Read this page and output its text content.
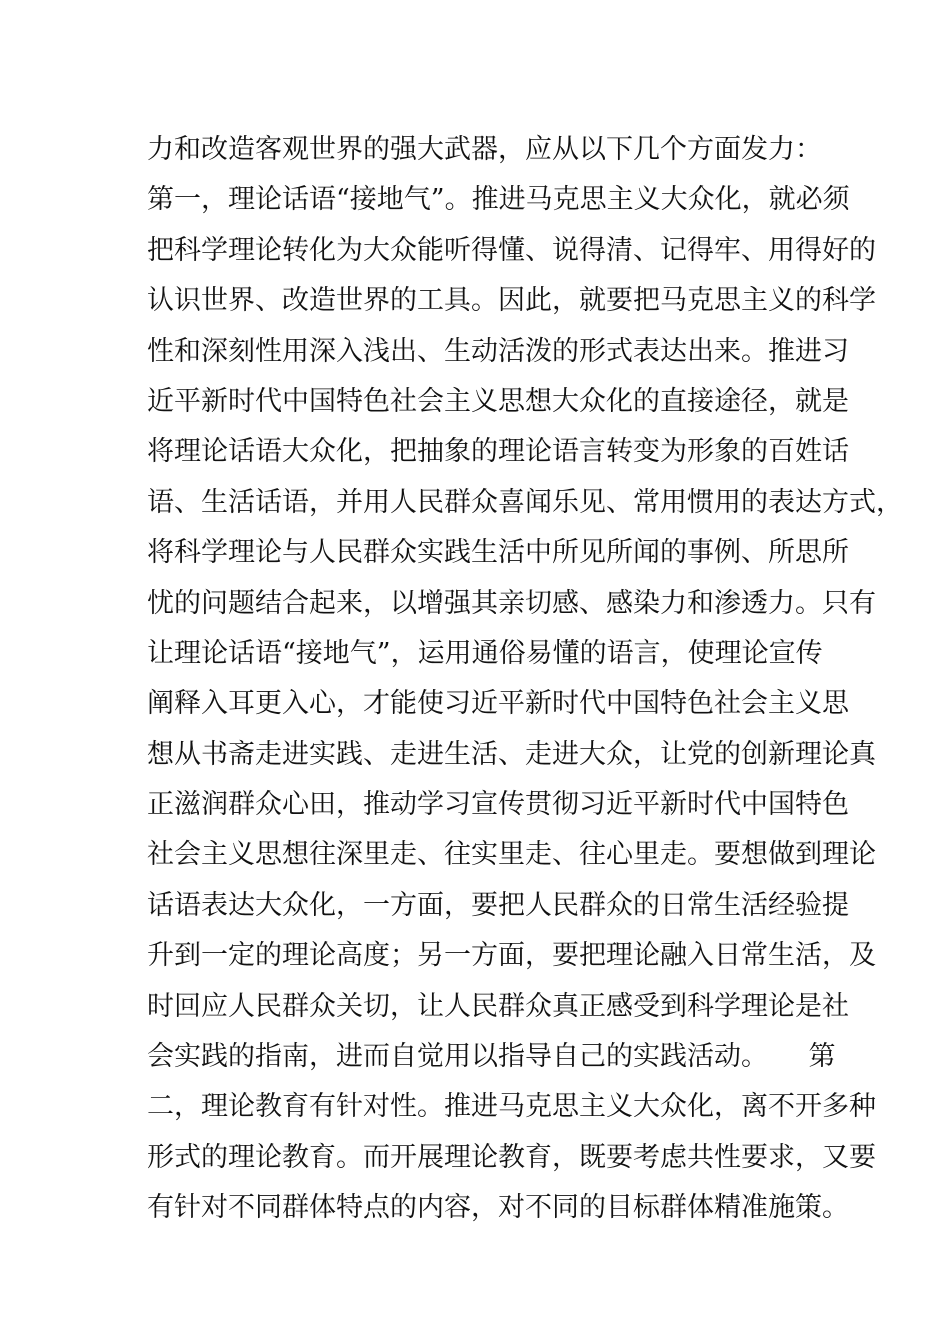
力和改造客观世界的强大武器，应从以下几个方面发力：
第一，理论话语“接地气”。推进马克思主义大众化，就必须
把科学理论转化为大众能听得懂、说得清、记得牢、用得好的
认识世界、改造世界的工具。因此，就要把马克思主义的科学
性和深刻性用深入浅出、生动活泼的形式表达出来。推进习
近平新时代中国特色社会主义思想大众化的直接途径，就是
将理论话语大众化，把抽象的理论语言转变为形象的百姓话
语、生活话语，并用人民群众喜闻乐见、常用惯用的表达方式，
将科学理论与人民群众实践生活中所见所闻的事例、所思所
忧的问题结合起来，以增强其亲切感、感染力和渗透力。只有
让理论话语“接地气”，运用通俗易懂的语言，使理论宣传
阐释入耳更入心，才能使习近平新时代中国特色社会主义思
想从书斋走进实践、走进生活、走进大众，让党的创新理论真
正滋润群众心田，推动学习宣传贯彻习近平新时代中国特色
社会主义思想往深里走、往实里走、往心里走。要想做到理论
话语表达大众化，一方面，要把人民群众的日常生活经验提
升到一定的理论高度；另一方面，要把理论融入日常生活，及
时回应人民群众关切，让人民群众真正感受到科学理论是社
会实践的指南，进而自觉用以指导自己的实践活动。　　第
二，理论教育有针对性。推进马克思主义大众化，离不开多种
形式的理论教育。而开展理论教育，既要考虑共性要求，又要
有针对不同群体特点的内容，对不同的目标群体精准施策。
